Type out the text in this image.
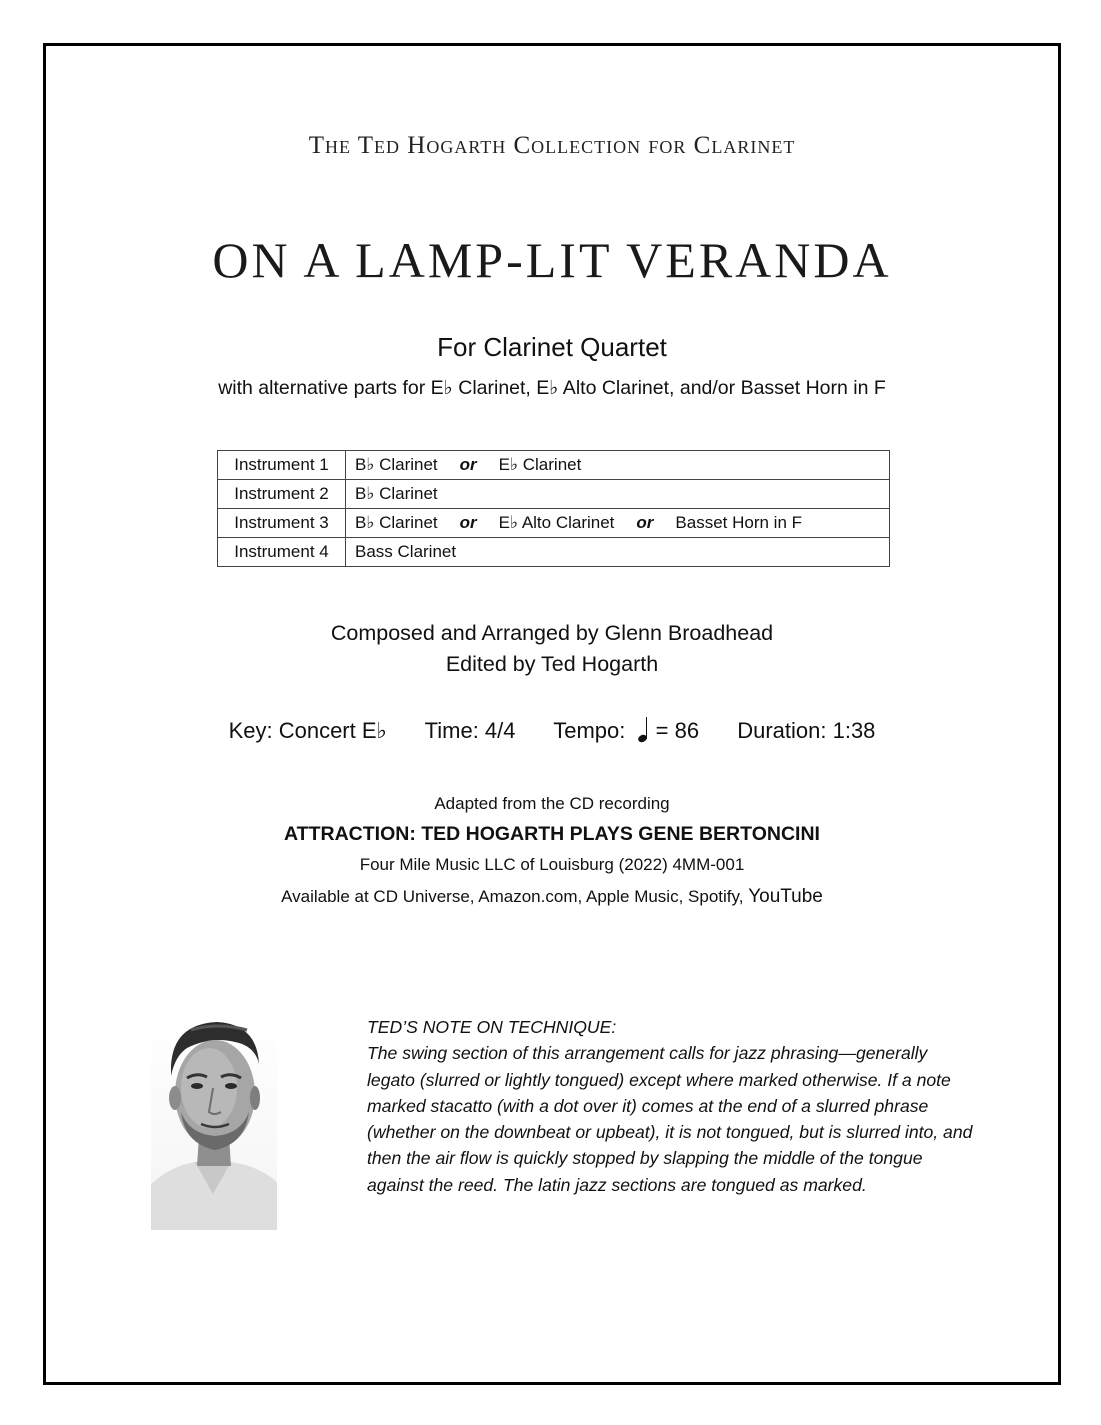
The Ted Hogarth Collection for Clarinet
ON A LAMP-LIT VERANDA
For Clarinet Quartet
with alternative parts for E♭ Clarinet, E♭ Alto Clarinet, and/or Basset Horn in F
Instrument 1	B♭ Clarinet or E♭ Clarinet
Instrument 2	B♭ Clarinet
Instrument 3	B♭ Clarinet or E♭ Alto Clarinet or Basset Horn in F
Instrument 4	Bass Clarinet
Composed and Arranged by Glenn Broadhead
Edited by Ted Hogarth
Key: Concert E♭ Time: 4/4 Tempo: = 86 Duration: 1:38
Adapted from the CD recording
ATTRACTION: TED HOGARTH PLAYS GENE BERTONCINI
Four Mile Music LLC of Louisburg (2022) 4MM-001
Available at CD Universe, Amazon.com, Apple Music, Spotify, YouTube
TED’S NOTE ON TECHNIQUE:
The swing section of this arrangement calls for jazz phrasing—generally legato (slurred or lightly tongued) except where marked otherwise. If a note marked stacatto (with a dot over it) comes at the end of a slurred phrase (whether on the downbeat or upbeat), it is not tongued, but is slurred into, and then the air flow is quickly stopped by slapping the middle of the tongue against the reed. The latin jazz sections are tongued as marked.
